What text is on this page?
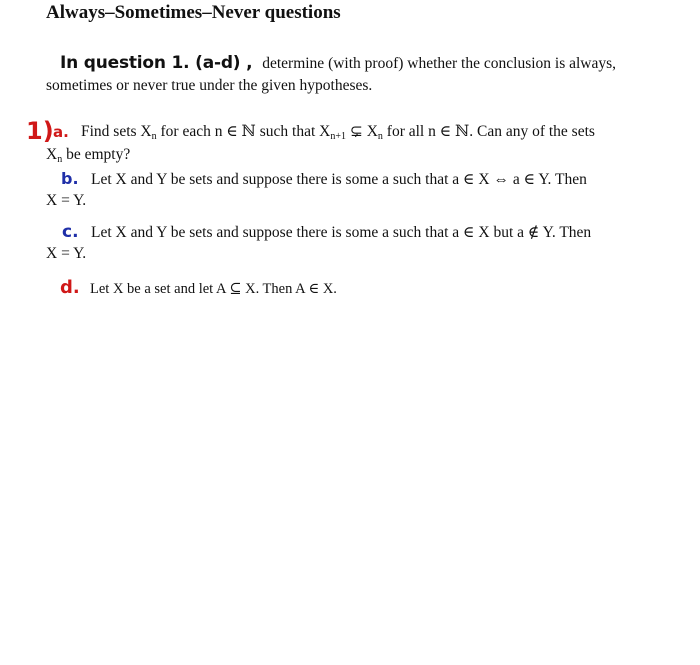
Always–Sometimes–Never questions
In question 1. (a-d) , determine (with proof) whether the conclusion is always,
sometimes or never true under the given hypotheses.
1) a. Find sets $X_n$ for each n ∈ ℕ such that $X_{n+1}$ ⊊ $X_n$ for all n ∈ ℕ. Can any of the sets
$X_n$ be empty?
b. Let X and Y be sets and suppose there is some a such that a ∈ X ⇔ a ∈ Y. Then
X = Y.
c. Let X and Y be sets and suppose there is some a such that a ∈ X but a ∉ Y. Then
X = Y.
d. Let X be a set and let A ⊆ X. Then A ∈ X.
